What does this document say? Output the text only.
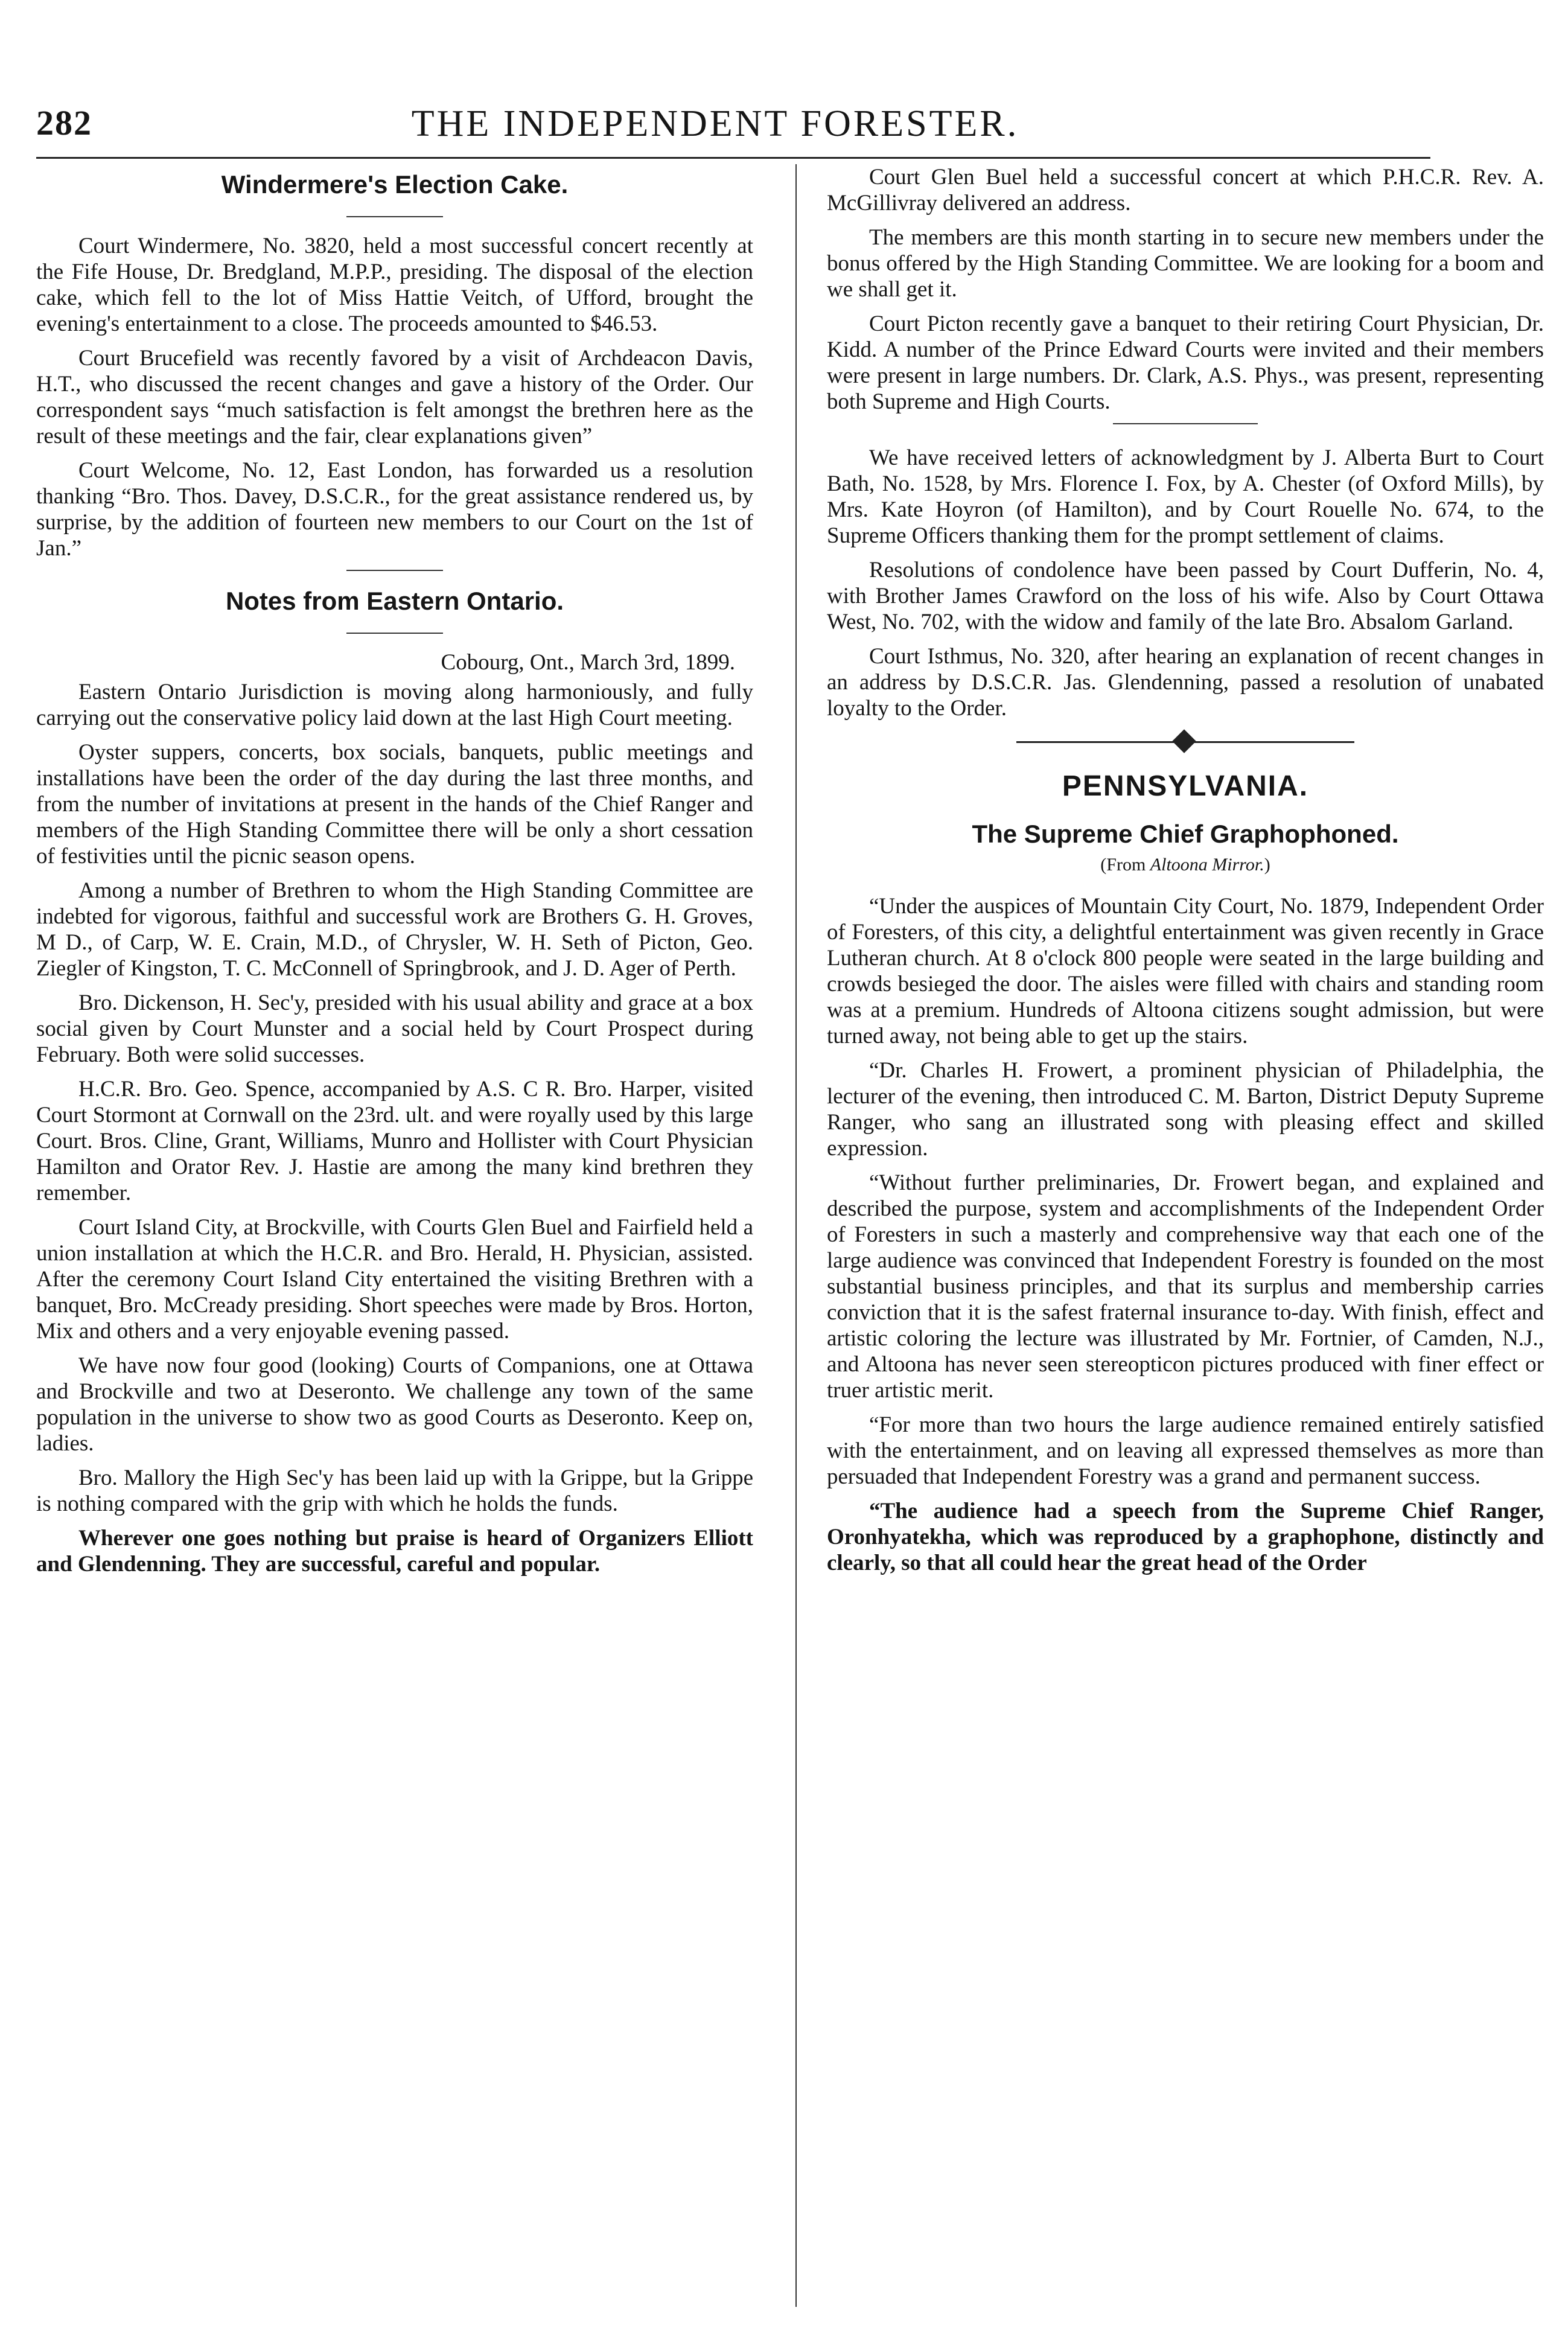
282	THE INDEPENDENT FORESTER.
Windermere's Election Cake.

Court Windermere, No. 3820, held a most successful concert recently at the Fife House, Dr. Bredgland, M.P.P., presiding. The disposal of the election cake, which fell to the lot of Miss Hattie Veitch, of Ufford, brought the evening's entertainment to a close. The proceeds amounted to $46.53.

Court Brucefield was recently favored by a visit of Archdeacon Davis, H.T., who discussed the recent changes and gave a history of the Order. Our correspondent says “much satisfaction is felt amongst the brethren here as the result of these meetings and the fair, clear explanations given”

Court Welcome, No. 12, East London, has forwarded us a resolution thanking “Bro. Thos. Davey, D.S.C.R., for the great assistance rendered us, by surprise, by the addition of fourteen new members to our Court on the 1st of Jan.”

Notes from Eastern Ontario.
Cobourg, Ont., March 3rd, 1899.

Eastern Ontario Jurisdiction is moving along harmoniously, and fully carrying out the conservative policy laid down at the last High Court meeting.

Oyster suppers, concerts, box socials, banquets, public meetings and installations have been the order of the day during the last three months, and from the number of invitations at present in the hands of the Chief Ranger and members of the High Standing Committee there will be only a short cessation of festivities until the picnic season opens.

Among a number of Brethren to whom the High Standing Committee are indebted for vigorous, faithful and successful work are Brothers G. H. Groves, M D., of Carp, W. E. Crain, M.D., of Chrysler, W. H. Seth of Picton, Geo. Ziegler of Kingston, T. C. McConnell of Springbrook, and J. D. Ager of Perth.

Bro. Dickenson, H. Sec'y, presided with his usual ability and grace at a box social given by Court Munster and a social held by Court Prospect during February. Both were solid successes.

H.C.R. Bro. Geo. Spence, accompanied by A.S. C R. Bro. Harper, visited Court Stormont at Cornwall on the 23rd. ult. and were royally used by this large Court. Bros. Cline, Grant, Williams, Munro and Hollister with Court Physician Hamilton and Orator Rev. J. Hastie are among the many kind brethren they remember.

Court Island City, at Brockville, with Courts Glen Buel and Fairfield held a union installation at which the H.C.R. and Bro. Herald, H. Physician, assisted. After the ceremony Court Island City entertained the visiting Brethren with a banquet, Bro. McCready presiding. Short speeches were made by Bros. Horton, Mix and others and a very enjoyable evening passed.

We have now four good (looking) Courts of Companions, one at Ottawa and Brockville and two at Deseronto. We challenge any town of the same population in the universe to show two as good Courts as Deseronto. Keep on, ladies.

Bro. Mallory the High Sec'y has been laid up with la Grippe, but la Grippe is nothing compared with the grip with which he holds the funds.

Wherever one goes nothing but praise is heard of Organizers Elliott and Glendenning. They are successful, careful and popular.

Court Glen Buel held a successful concert at which P.H.C.R. Rev. A. McGillivray delivered an address.

The members are this month starting in to secure new members under the bonus offered by the High Standing Committee. We are looking for a boom and we shall get it.

Court Picton recently gave a banquet to their retiring Court Physician, Dr. Kidd. A number of the Prince Edward Courts were invited and their members were present in large numbers. Dr. Clark, A.S. Phys., was present, representing both Supreme and High Courts.

We have received letters of acknowledgment by J. Alberta Burt to Court Bath, No. 1528, by Mrs. Florence I. Fox, by A. Chester (of Oxford Mills), by Mrs. Kate Hoyron (of Hamilton), and by Court Rouelle No. 674, to the Supreme Officers thanking them for the prompt settlement of claims.

Resolutions of condolence have been passed by Court Dufferin, No. 4, with Brother James Crawford on the loss of his wife. Also by Court Ottawa West, No. 702, with the widow and family of the late Bro. Absalom Garland.

Court Isthmus, No. 320, after hearing an explanation of recent changes in an address by D.S.C.R. Jas. Glendenning, passed a resolution of unabated loyalty to the Order.

PENNSYLVANIA.
The Supreme Chief Graphophoned.
(From Altoona Mirror.)

“Under the auspices of Mountain City Court, No. 1879, Independent Order of Foresters, of this city, a delightful entertainment was given recently in Grace Lutheran church. At 8 o'clock 800 people were seated in the large building and crowds besieged the door. The aisles were filled with chairs and standing room was at a premium. Hundreds of Altoona citizens sought admission, but were turned away, not being able to get up the stairs.

“Dr. Charles H. Frowert, a prominent physician of Philadelphia, the lecturer of the evening, then introduced C. M. Barton, District Deputy Supreme Ranger, who sang an illustrated song with pleasing effect and skilled expression.

“Without further preliminaries, Dr. Frowert began, and explained and described the purpose, system and accomplishments of the Independent Order of Foresters in such a masterly and comprehensive way that each one of the large audience was convinced that Independent Forestry is founded on the most substantial business principles, and that its surplus and membership carries conviction that it is the safest fraternal insurance to-day. With finish, effect and artistic coloring the lecture was illustrated by Mr. Fortnier, of Camden, N.J., and Altoona has never seen stereopticon pictures produced with finer effect or truer artistic merit.

“For more than two hours the large audience remained entirely satisfied with the entertainment, and on leaving all expressed themselves as more than persuaded that Independent Forestry was a grand and permanent success.

“The audience had a speech from the Supreme Chief Ranger, Oronhyatekha, which was reproduced by a graphophone, distinctly and clearly, so that all could hear the great head of the Order
